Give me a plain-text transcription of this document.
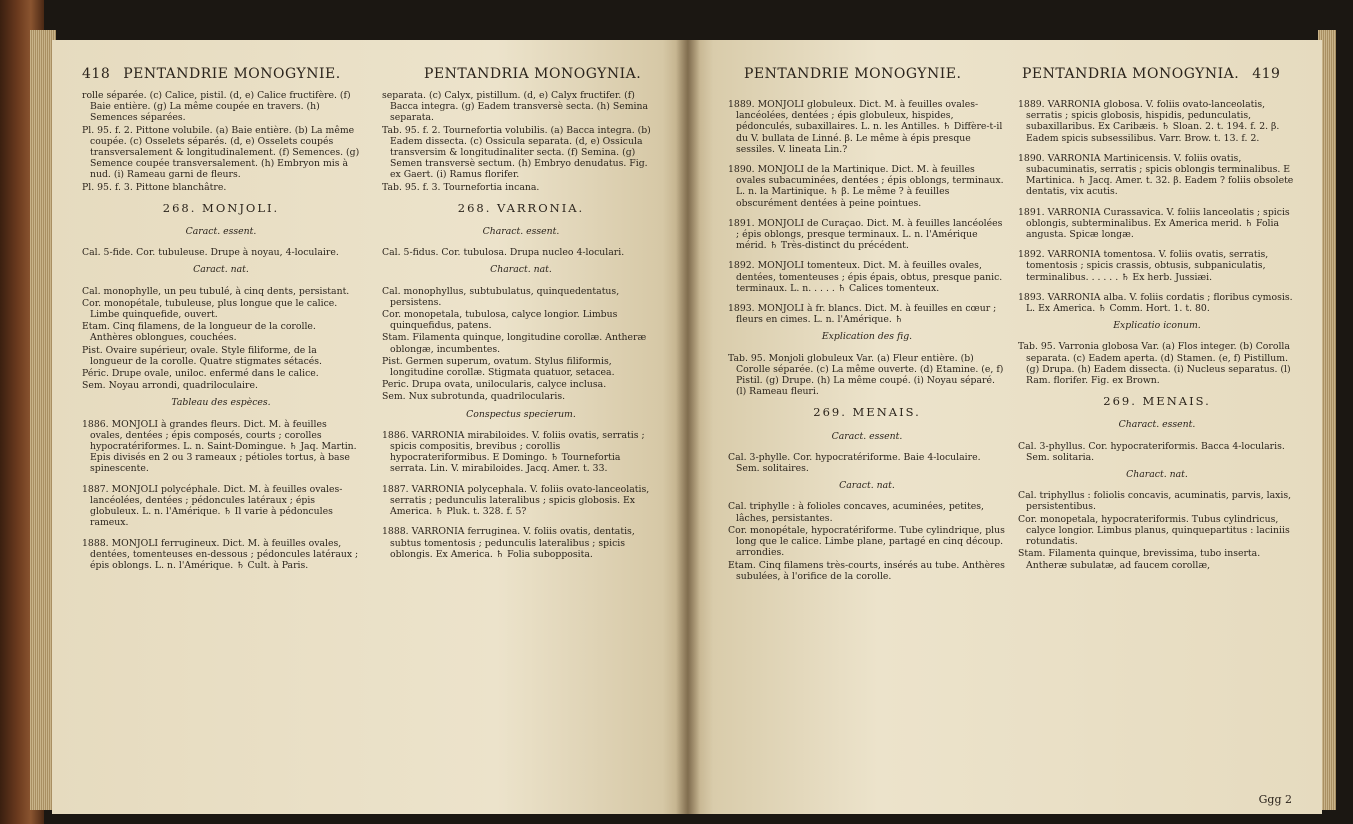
418 PENTANDRIE MONOGYNIE.	PENTANDRIA MONOGYNIA.

rolle séparée. (c) Calice, pistil. (d, e) Calice fructifère. (f) Baie entière. (g) La même coupée en travers. (h) Semences séparées.

Pl. 95. f. 2. Pittone volubile. (a) Baie entière. (b) La même coupée. (c) Osselets séparés. (d, e) Osselets coupés transversalement & longitudinalement. (f) Semences. (g) Semence coupée transversalement. (h) Embryon mis à nud. (i) Rameau garni de fleurs.

Pl. 95. f. 3. Pittone blanchâtre.

268. MONJOLI.

Caract. essent.

Cal. 5-fide. Cor. tubuleuse. Drupe à noyau, 4-loculaire.

Caract. nat.

Cal. monophylle, un peu tubulé, à cinq dents, persistant.

Cor. monopétale, tubuleuse, plus longue que le calice. Limbe quinquefide, ouvert.

Etam. Cinq filamens, de la longueur de la corolle. Anthères oblongues, couchées.

Pist. Ovaire supérieur, ovale. Style filiforme, de la longueur de la corolle. Quatre stigmates sétacés.

Péric. Drupe ovale, uniloc. enfermé dans le calice.

Sem. Noyau arrondi, quadriloculaire.

Tableau des espèces.

1886. MONJOLI à grandes fleurs. Dict. M. à feuilles ovales, dentées ; épis composés, courts ; corolles hypocratériformes. L. n. Saint-Domingue. ♄ Jaq. Martin. Epis divisés en 2 ou 3 rameaux ; pétioles tortus, à base spinescente.

1887. MONJOLI polycéphale. Dict. M. à feuilles ovales-lancéolées, dentées ; pédoncules latéraux ; épis globuleux. L. n. l'Amérique. ♄ Il varie à pédoncules rameux.

1888. MONJOLI ferrugineux. Dict. M. à feuilles ovales, dentées, tomenteuses en-dessous ; pédoncules latéraux ; épis oblongs. L. n. l'Amérique. ♄ Cult. à Paris.

separata. (c) Calyx, pistillum. (d, e) Calyx fructifer. (f) Bacca integra. (g) Eadem transversè secta. (h) Semina separata.

Tab. 95. f. 2. Tournefortia volubilis. (a) Bacca integra. (b) Eadem dissecta. (c) Ossicula separata. (d, e) Ossicula transversim & longitudinaliter secta. (f) Semina. (g) Semen transversè sectum. (h) Embryo denudatus. Fig. ex Gaert. (i) Ramus florifer.

Tab. 95. f. 3. Tournefortia incana.

268. VARRONIA.

Charact. essent.

Cal. 5-fidus. Cor. tubulosa. Drupa nucleo 4-loculari.

Charact. nat.

Cal. monophyllus, subtubulatus, quinquedentatus, persistens.

Cor. monopetala, tubulosa, calyce longior. Limbus quinquefidus, patens.

Stam. Filamenta quinque, longitudine corollæ. Antheræ oblongæ, incumbentes.

Pist. Germen superum, ovatum. Stylus filiformis, longitudine corollæ. Stigmata quatuor, setacea.

Peric. Drupa ovata, unilocularis, calyce inclusa.

Sem. Nux subrotunda, quadrilocularis.

Conspectus specierum.

1886. VARRONIA mirabiloides. V. foliis ovatis, serratis ; spicis compositis, brevibus ; corollis hypocrateriformibus. E Domingo. ♄ Tournefortia serrata. Lin. V. mirabiloides. Jacq. Amer. t. 33.

1887. VARRONIA polycephala. V. foliis ovato-lanceolatis, serratis ; pedunculis lateralibus ; spicis globosis. Ex America. ♄ Pluk. t. 328. f. 5?

1888. VARRONIA ferruginea. V. foliis ovatis, dentatis, subtus tomentosis ; pedunculis lateralibus ; spicis oblongis. Ex America. ♄ Folia subopposita.

PENTANDRIE MONOGYNIE.	PENTANDRIA MONOGYNIA. 419

1889. MONJOLI globuleux. Dict. M. à feuilles ovales-lancéolées, dentées ; épis globuleux, hispides, pédonculés, subaxillaires. L. n. les Antilles. ♄ Diffère-t-il du V. bullata de Linné. β. Le même à épis presque sessiles. V. lineata Lin.?

1890. MONJOLI de la Martinique. Dict. M. à feuilles ovales subacuminées, dentées ; épis oblongs, terminaux. L. n. la Martinique. ♄ β. Le même ? à feuilles obscurément dentées à peine pointues.

1891. MONJOLI de Curaçao. Dict. M. à feuilles lancéolées ; épis oblongs, presque terminaux. L. n. l'Amérique mérid. ♄ Très-distinct du précédent.

1892. MONJOLI tomenteux. Dict. M. à feuilles ovales, dentées, tomenteuses ; épis épais, obtus, presque panic. terminaux. L. n. . . . . ♄ Calices tomenteux.

1893. MONJOLI à fr. blancs. Dict. M. à feuilles en cœur ; fleurs en cimes. L. n. l'Amérique. ♄

Explication des fig.

Tab. 95. Monjoli globuleux Var. (a) Fleur entière. (b) Corolle séparée. (c) La même ouverte. (d) Etamine. (e, f) Pistil. (g) Drupe. (h) La même coupé. (i) Noyau séparé. (l) Rameau fleuri.

269. MENAIS.

Caract. essent.

Cal. 3-phylle. Cor. hypocratériforme. Baie 4-loculaire. Sem. solitaires.

Caract. nat.

Cal. triphylle : à folioles concaves, acuminées, petites, lâches, persistantes.

Cor. monopétale, hypocratériforme. Tube cylindrique, plus long que le calice. Limbe plane, partagé en cinq découp. arrondies.

Etam. Cinq filamens très-courts, insérés au tube. Anthères subulées, à l'orifice de la corolle.

1889. VARRONIA globosa. V. foliis ovato-lanceolatis, serratis ; spicis globosis, hispidis, pedunculatis, subaxillaribus. Ex Caribæis. ♄ Sloan. 2. t. 194. f. 2. β. Eadem spicis subsessilibus. Varr. Brow. t. 13. f. 2.

1890. VARRONIA Martinicensis. V. foliis ovatis, subacuminatis, serratis ; spicis oblongis terminalibus. E Martinica. ♄ Jacq. Amer. t. 32. β. Eadem ? foliis obsolete dentatis, vix acutis.

1891. VARRONIA Curassavica. V. foliis lanceolatis ; spicis oblongis, subterminalibus. Ex America merid. ♄ Folia angusta. Spicæ longæ.

1892. VARRONIA tomentosa. V. foliis ovatis, serratis, tomentosis ; spicis crassis, obtusis, subpaniculatis, terminalibus. . . . . . ♄ Ex herb. Jussiæi.

1893. VARRONIA alba. V. foliis cordatis ; floribus cymosis. L. Ex America. ♄ Comm. Hort. 1. t. 80.

Explicatio iconum.

Tab. 95. Varronia globosa Var. (a) Flos integer. (b) Corolla separata. (c) Eadem aperta. (d) Stamen. (e, f) Pistillum. (g) Drupa. (h) Eadem dissecta. (i) Nucleus separatus. (l) Ram. florifer. Fig. ex Brown.

269. MENAIS.

Charact. essent.

Cal. 3-phyllus. Cor. hypocrateriformis. Bacca 4-locularis. Sem. solitaria.

Charact. nat.

Cal. triphyllus : foliolis concavis, acuminatis, parvis, laxis, persistentibus.

Cor. monopetala, hypocrateriformis. Tubus cylindricus, calyce longior. Limbus planus, quinquepartitus : laciniis rotundatis.

Stam. Filamenta quinque, brevissima, tubo inserta. Antheræ subulatæ, ad faucem corollæ,

Ggg 2
